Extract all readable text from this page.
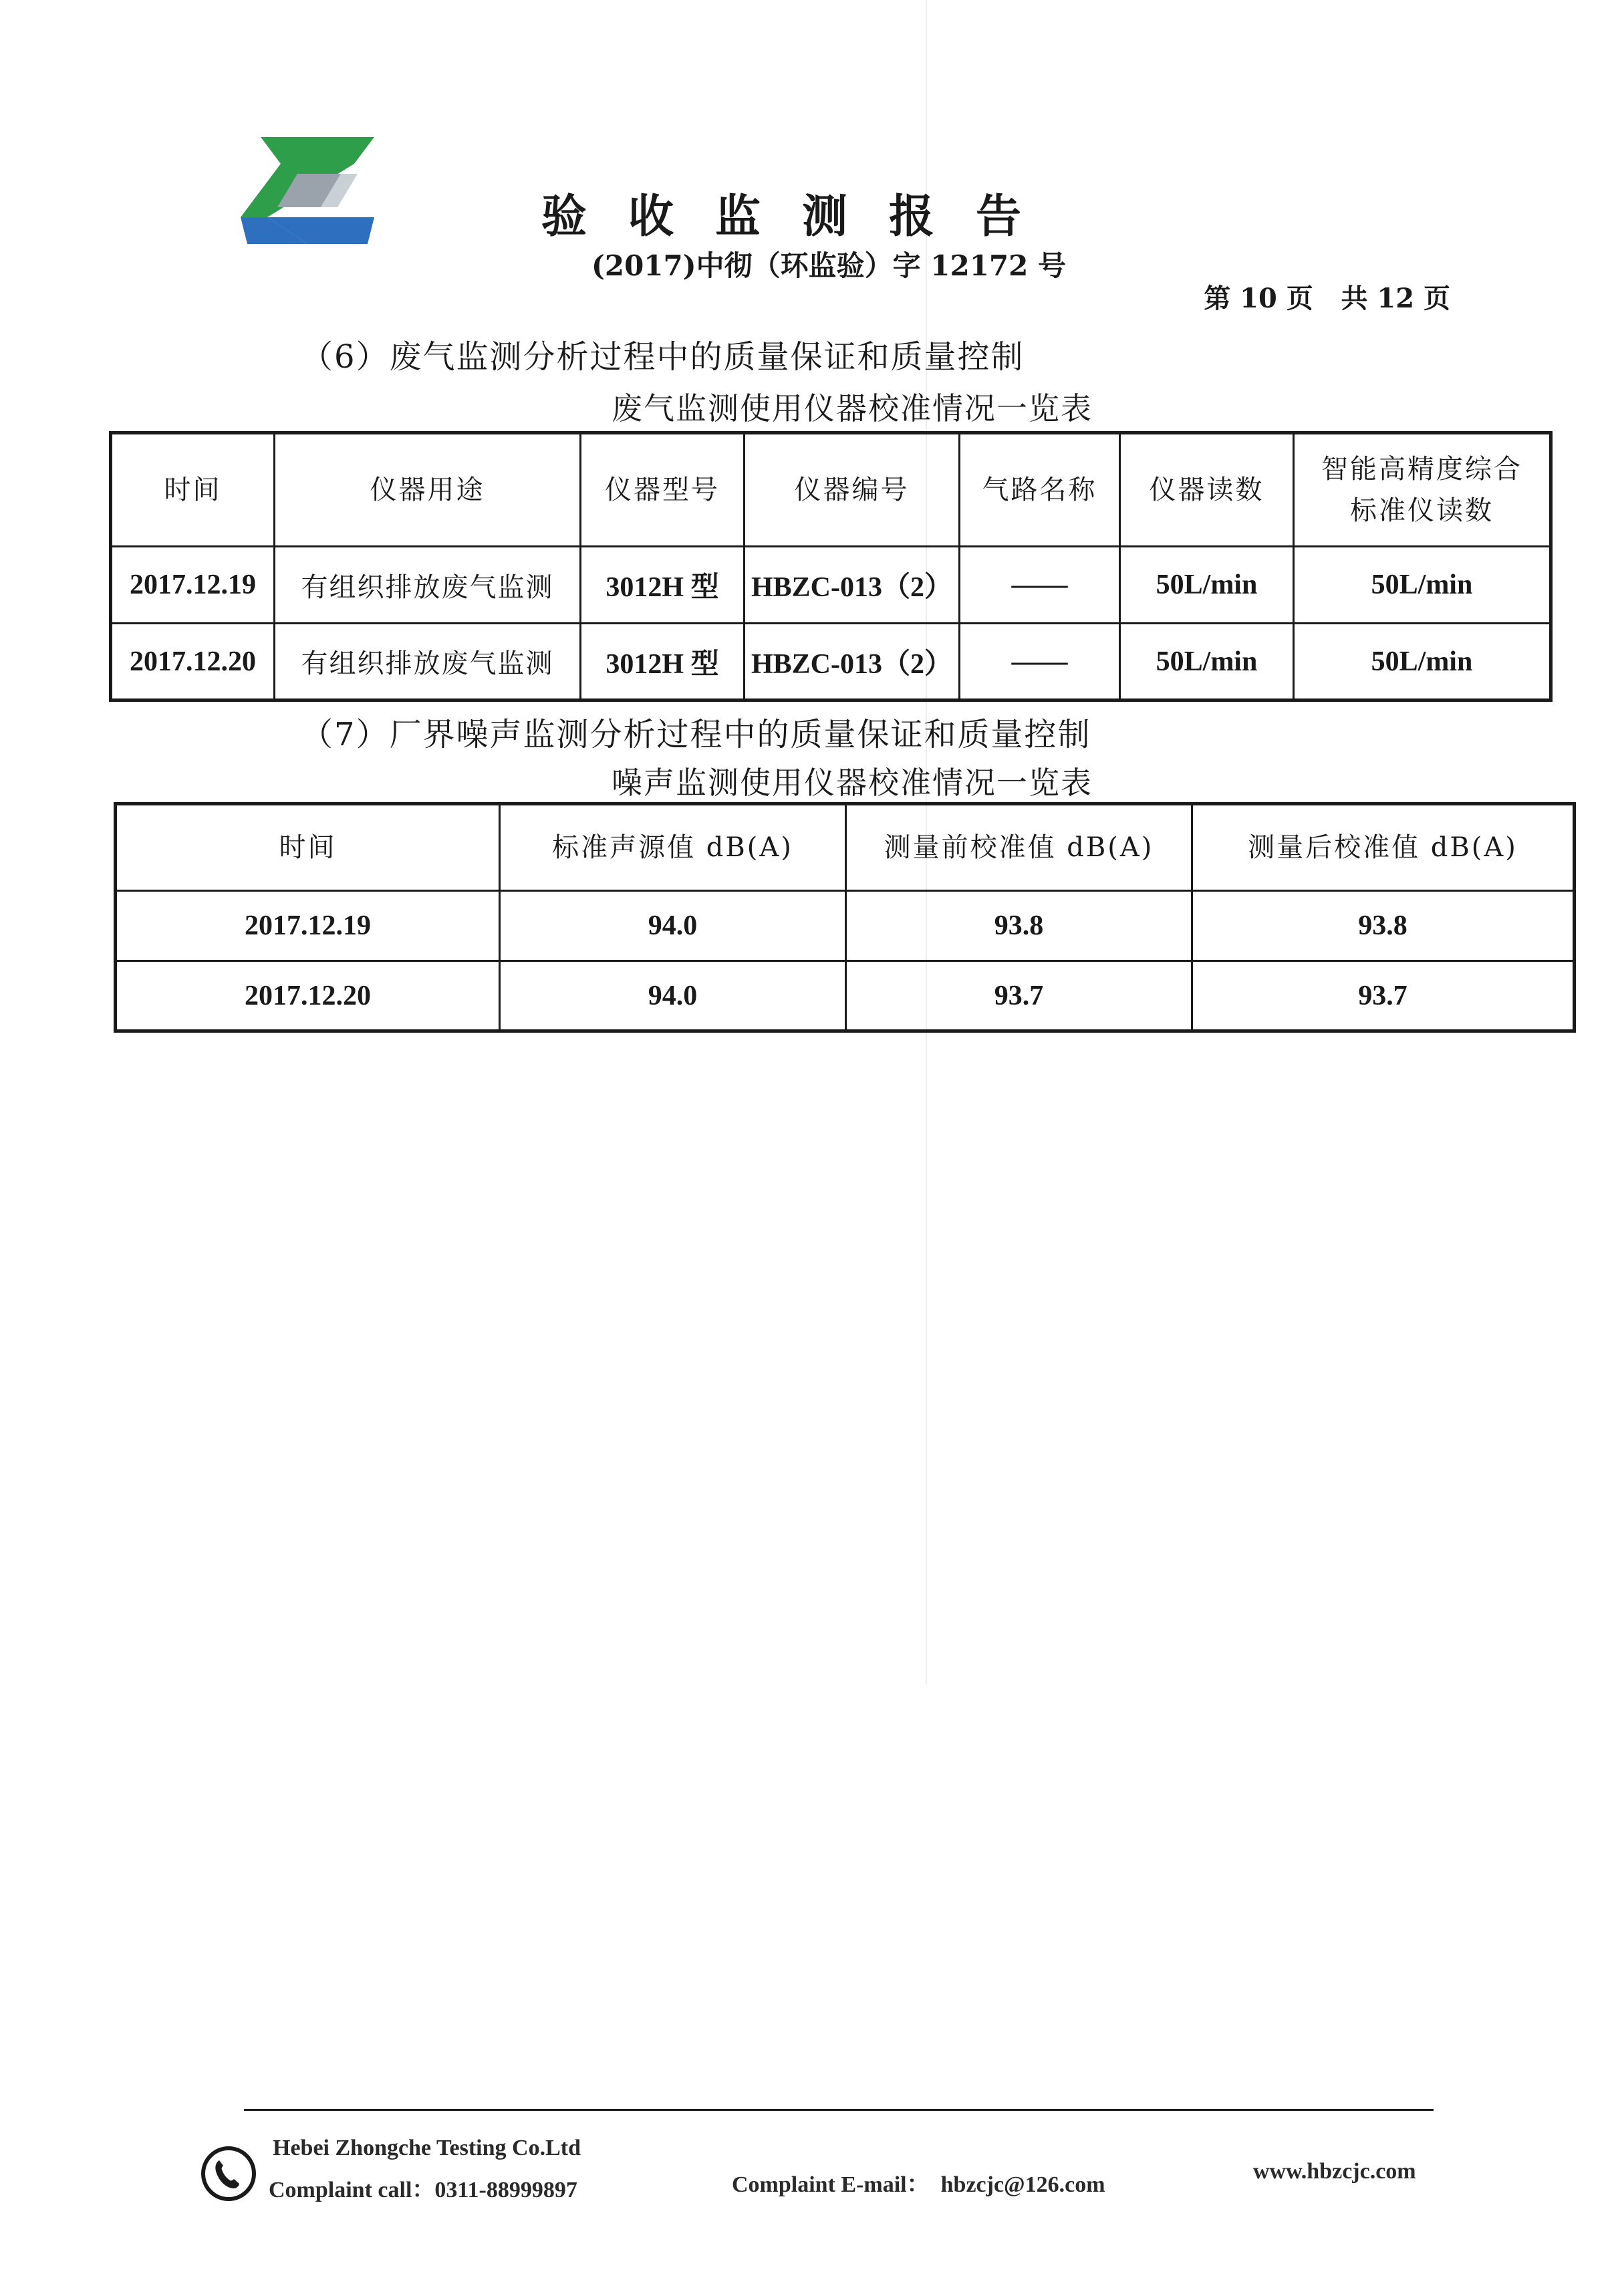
验收监测报告
(2017)中彻（环监验）字 12172 号
第 10 页   共 12 页
（6）废气监测分析过程中的质量保证和质量控制
废气监测使用仪器校准情况一览表
时间	仪器用途	仪器型号	仪器编号	气路名称	仪器读数	智能高精度综合
标准仪读数

2017.12.19	有组织排放废气监测	3012H 型	HBZC-013（2）	——	50L/min	50L/min
2017.12.20	有组织排放废气监测	3012H 型	HBZC-013（2）	——	50L/min	50L/min
（7）厂界噪声监测分析过程中的质量保证和质量控制
噪声监测使用仪器校准情况一览表
时间	标准声源值 dB(A)	测量前校准值 dB(A)	测量后校准值 dB(A)
2017.12.19	94.0	93.8	93.8
2017.12.20	94.0	93.7	93.7
Hebei Zhongche Testing Co.Ltd
Complaint call：0311-88999897	Complaint E-mail：  hbzcjc@126.com
www.hbzcjc.com
